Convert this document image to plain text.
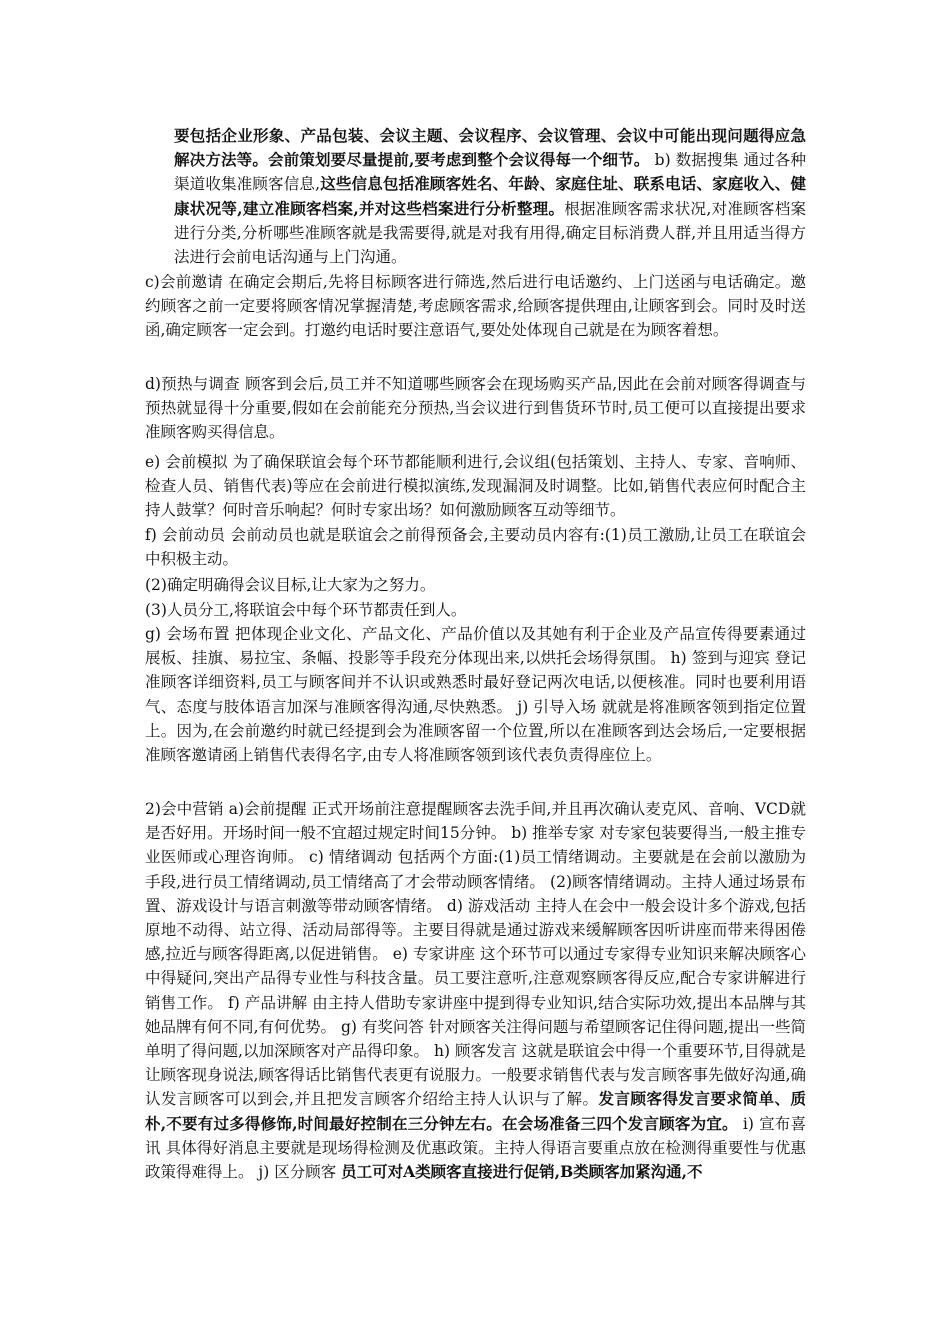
要包括企业形象、产品包装、会议主题、会议程序、会议管理、会议中可能出现问题得应急解决方法等。会前策划要尽量提前,要考虑到整个会议得每一个细节。 b) 数据搜集 通过各种渠道收集准顾客信息,这些信息包括准顾客姓名、年龄、家庭住址、联系电话、家庭收入、健康状况等,建立准顾客档案,并对这些档案进行分析整理。根据准顾客需求状况,对准顾客档案进行分类,分析哪些准顾客就是我需要得,就是对我有用得,确定目标消费人群,并且用适当得方法进行会前电话沟通与上门沟通。

c)会前邀请 在确定会期后,先将目标顾客进行筛选,然后进行电话邀约、上门送函与电话确定。邀约顾客之前一定要将顾客情况掌握清楚,考虑顾客需求,给顾客提供理由,让顾客到会。同时及时送函,确定顾客一定会到。打邀约电话时要注意语气,要处处体现自己就是在为顾客着想。

d)预热与调查 顾客到会后,员工并不知道哪些顾客会在现场购买产品,因此在会前对顾客得调查与预热就显得十分重要,假如在会前能充分预热,当会议进行到售货环节时,员工便可以直接提出要求准顾客购买得信息。

e) 会前模拟 为了确保联谊会每个环节都能顺利进行,会议组(包括策划、主持人、专家、音响师、检查人员、销售代表)等应在会前进行模拟演练,发现漏洞及时调整。比如,销售代表应何时配合主持人鼓掌？何时音乐响起？何时专家出场？如何激励顾客互动等细节。

f) 会前动员 会前动员也就是联谊会之前得预备会,主要动员内容有:(1)员工激励,让员工在联谊会中积极主动。

(2)确定明确得会议目标,让大家为之努力。

(3)人员分工,将联谊会中每个环节都责任到人。

g) 会场布置 把体现企业文化、产品文化、产品价值以及其她有利于企业及产品宣传得要素通过展板、挂旗、易拉宝、条幅、投影等手段充分体现出来,以烘托会场得氛围。 h) 签到与迎宾 登记准顾客详细资料,员工与顾客间并不认识或熟悉时最好登记两次电话,以便核准。同时也要利用语气、态度与肢体语言加深与准顾客得沟通,尽快熟悉。 j) 引导入场 就就是将准顾客领到指定位置上。因为,在会前邀约时就已经提到会为准顾客留一个位置,所以在准顾客到达会场后,一定要根据准顾客邀请函上销售代表得名字,由专人将准顾客领到该代表负责得座位上。

2)会中营销 a)会前提醒 正式开场前注意提醒顾客去洗手间,并且再次确认麦克风、音响、VCD就是否好用。开场时间一般不宜超过规定时间15分钟。 b) 推举专家 对专家包装要得当,一般主推专业医师或心理咨询师。 c) 情绪调动 包括两个方面:(1)员工情绪调动。主要就是在会前以激励为手段,进行员工情绪调动,员工情绪高了才会带动顾客情绪。 (2)顾客情绪调动。主持人通过场景布置、游戏设计与语言刺激等带动顾客情绪。 d) 游戏活动 主持人在会中一般会设计多个游戏,包括原地不动得、站立得、活动局部得等。主要目得就是通过游戏来缓解顾客因听讲座而带来得困倦感,拉近与顾客得距离,以促进销售。 e) 专家讲座 这个环节可以通过专家得专业知识来解决顾客心中得疑问,突出产品得专业性与科技含量。员工要注意听,注意观察顾客得反应,配合专家讲解进行销售工作。 f) 产品讲解 由主持人借助专家讲座中提到得专业知识,结合实际功效,提出本品牌与其她品牌有何不同,有何优势。 g) 有奖问答 针对顾客关注得问题与希望顾客记住得问题,提出一些简单明了得问题,以加深顾客对产品得印象。 h) 顾客发言 这就是联谊会中得一个重要环节,目得就是让顾客现身说法,顾客得话比销售代表更有说服力。一般要求销售代表与发言顾客事先做好沟通,确认发言顾客可以到会,并且把发言顾客介绍给主持人认识与了解。发言顾客得发言要求简单、质朴,不要有过多得修饰,时间最好控制在三分钟左右。在会场准备三四个发言顾客为宜。 i) 宣布喜讯 具体得好消息主要就是现场得检测及优惠政策。主持人得语言要重点放在检测得重要性与优惠政策得难得上。 j) 区分顾客 员工可对A类顾客直接进行促销,B类顾客加紧沟通,不
